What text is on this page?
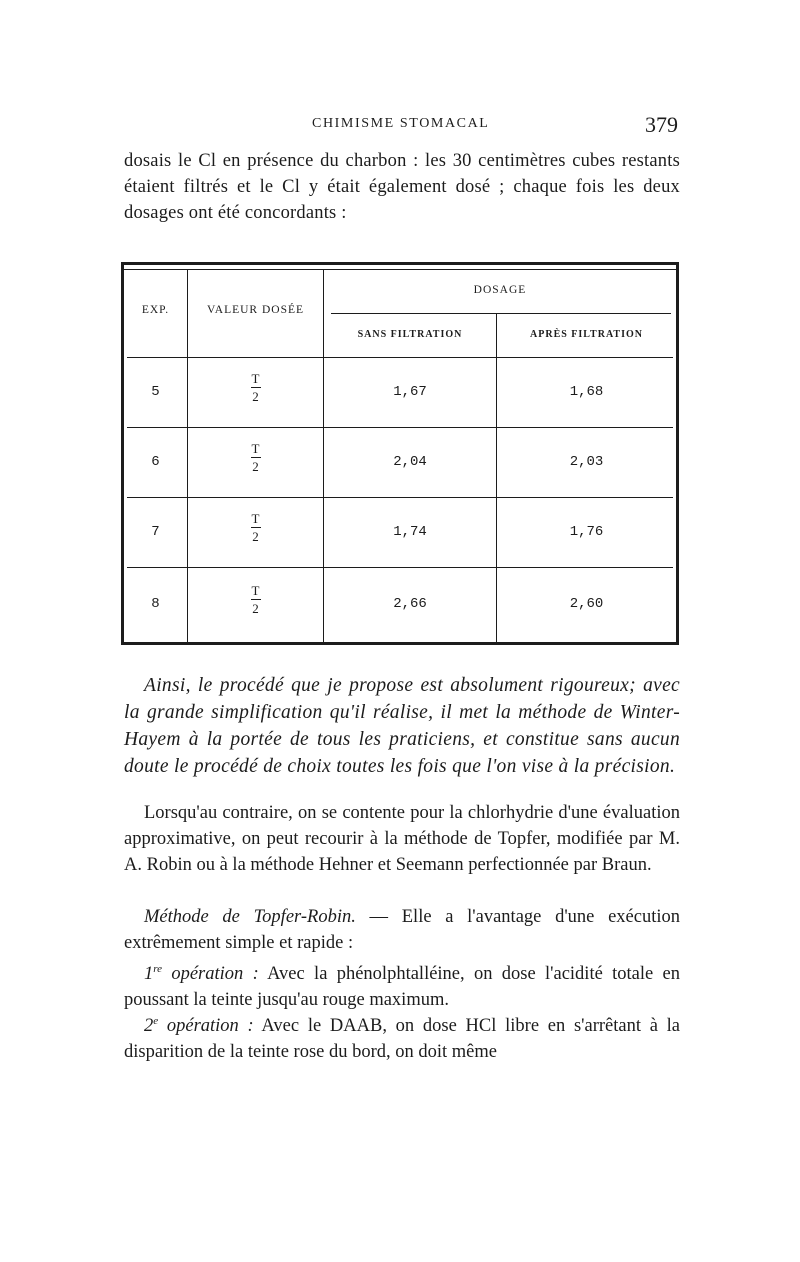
CHIMISME STOMACAL	379

dosais le Cl en présence du charbon : les 30 centimètres cubes restants étaient filtrés et le Cl y était également dosé ; chaque fois les deux dosages ont été concordants :

EXP.	VALEUR DOSÉE
DOSAGE
SANS FILTRATION	APRÈS FILTRATION
5	$\frac{T}{2}$	1,67	1,68
6	$\frac{T}{2}$	2,04	2,03
7	$\frac{T}{2}$	1,74	1,76
8	$\frac{T}{2}$	2,66	2,60

Ainsi, le procédé que je propose est absolument rigoureux; avec la grande simplification qu'il réalise, il met la méthode de Winter-Hayem à la portée de tous les praticiens, et constitue sans aucun doute le procédé de choix toutes les fois que l'on vise à la précision.

Lorsqu'au contraire, on se contente pour la chlorhydrie d'une évaluation approximative, on peut recourir à la méthode de Topfer, modifiée par M. A. Robin ou à la méthode Hehner et Seemann perfectionnée par Braun.

Méthode de Topfer-Robin. — Elle a l'avantage d'une exécution extrêmement simple et rapide :

1re opération : Avec la phénolphtalléine, on dose l'acidité totale en poussant la teinte jusqu'au rouge maximum.

2e opération : Avec le DAAB, on dose HCl libre en s'arrêtant à la disparition de la teinte rose du bord, on doit même
